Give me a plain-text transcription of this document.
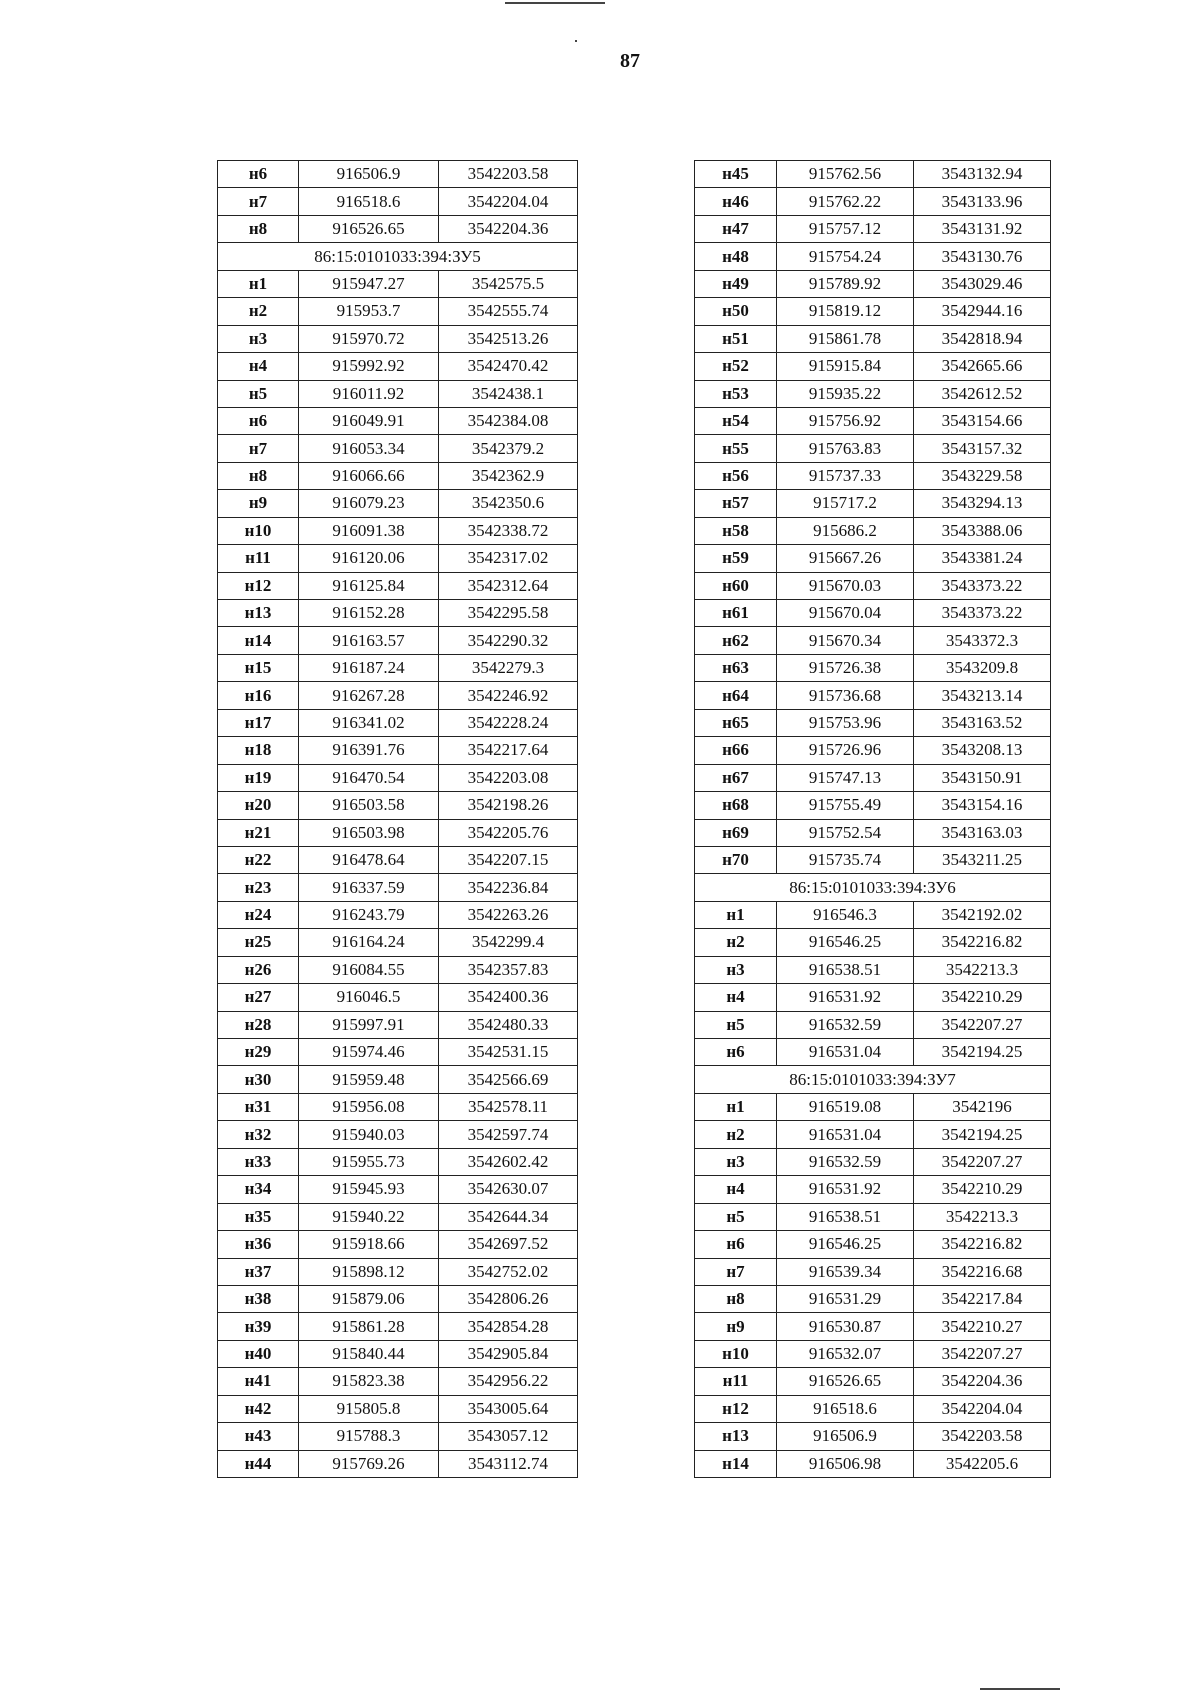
87
н6	916506.9	3542203.58
н7	916518.6	3542204.04
н8	916526.65	3542204.36
86:15:0101033:394:ЗУ5		
н1	915947.27	3542575.5
н2	915953.7	3542555.74
н3	915970.72	3542513.26
н4	915992.92	3542470.42
н5	916011.92	3542438.1
н6	916049.91	3542384.08
н7	916053.34	3542379.2
н8	916066.66	3542362.9
н9	916079.23	3542350.6
н10	916091.38	3542338.72
н11	916120.06	3542317.02
н12	916125.84	3542312.64
н13	916152.28	3542295.58
н14	916163.57	3542290.32
н15	916187.24	3542279.3
н16	916267.28	3542246.92
н17	916341.02	3542228.24
н18	916391.76	3542217.64
н19	916470.54	3542203.08
н20	916503.58	3542198.26
н21	916503.98	3542205.76
н22	916478.64	3542207.15
н23	916337.59	3542236.84
н24	916243.79	3542263.26
н25	916164.24	3542299.4
н26	916084.55	3542357.83
н27	916046.5	3542400.36
н28	915997.91	3542480.33
н29	915974.46	3542531.15
н30	915959.48	3542566.69
н31	915956.08	3542578.11
н32	915940.03	3542597.74
н33	915955.73	3542602.42
н34	915945.93	3542630.07
н35	915940.22	3542644.34
н36	915918.66	3542697.52
н37	915898.12	3542752.02
н38	915879.06	3542806.26
н39	915861.28	3542854.28
н40	915840.44	3542905.84
н41	915823.38	3542956.22
н42	915805.8	3543005.64
н43	915788.3	3543057.12
н44	915769.26	3543112.74
н45	915762.56	3543132.94
н46	915762.22	3543133.96
н47	915757.12	3543131.92
н48	915754.24	3543130.76
н49	915789.92	3543029.46
н50	915819.12	3542944.16
н51	915861.78	3542818.94
н52	915915.84	3542665.66
н53	915935.22	3542612.52
н54	915756.92	3543154.66
н55	915763.83	3543157.32
н56	915737.33	3543229.58
н57	915717.2	3543294.13
н58	915686.2	3543388.06
н59	915667.26	3543381.24
н60	915670.03	3543373.22
н61	915670.04	3543373.22
н62	915670.34	3543372.3
н63	915726.38	3543209.8
н64	915736.68	3543213.14
н65	915753.96	3543163.52
н66	915726.96	3543208.13
н67	915747.13	3543150.91
н68	915755.49	3543154.16
н69	915752.54	3543163.03
н70	915735.74	3543211.25
86:15:0101033:394:ЗУ6		
н1	916546.3	3542192.02
н2	916546.25	3542216.82
н3	916538.51	3542213.3
н4	916531.92	3542210.29
н5	916532.59	3542207.27
н6	916531.04	3542194.25
86:15:0101033:394:ЗУ7		
н1	916519.08	3542196
н2	916531.04	3542194.25
н3	916532.59	3542207.27
н4	916531.92	3542210.29
н5	916538.51	3542213.3
н6	916546.25	3542216.82
н7	916539.34	3542216.68
н8	916531.29	3542217.84
н9	916530.87	3542210.27
н10	916532.07	3542207.27
н11	916526.65	3542204.36
н12	916518.6	3542204.04
н13	916506.9	3542203.58
н14	916506.98	3542205.6
